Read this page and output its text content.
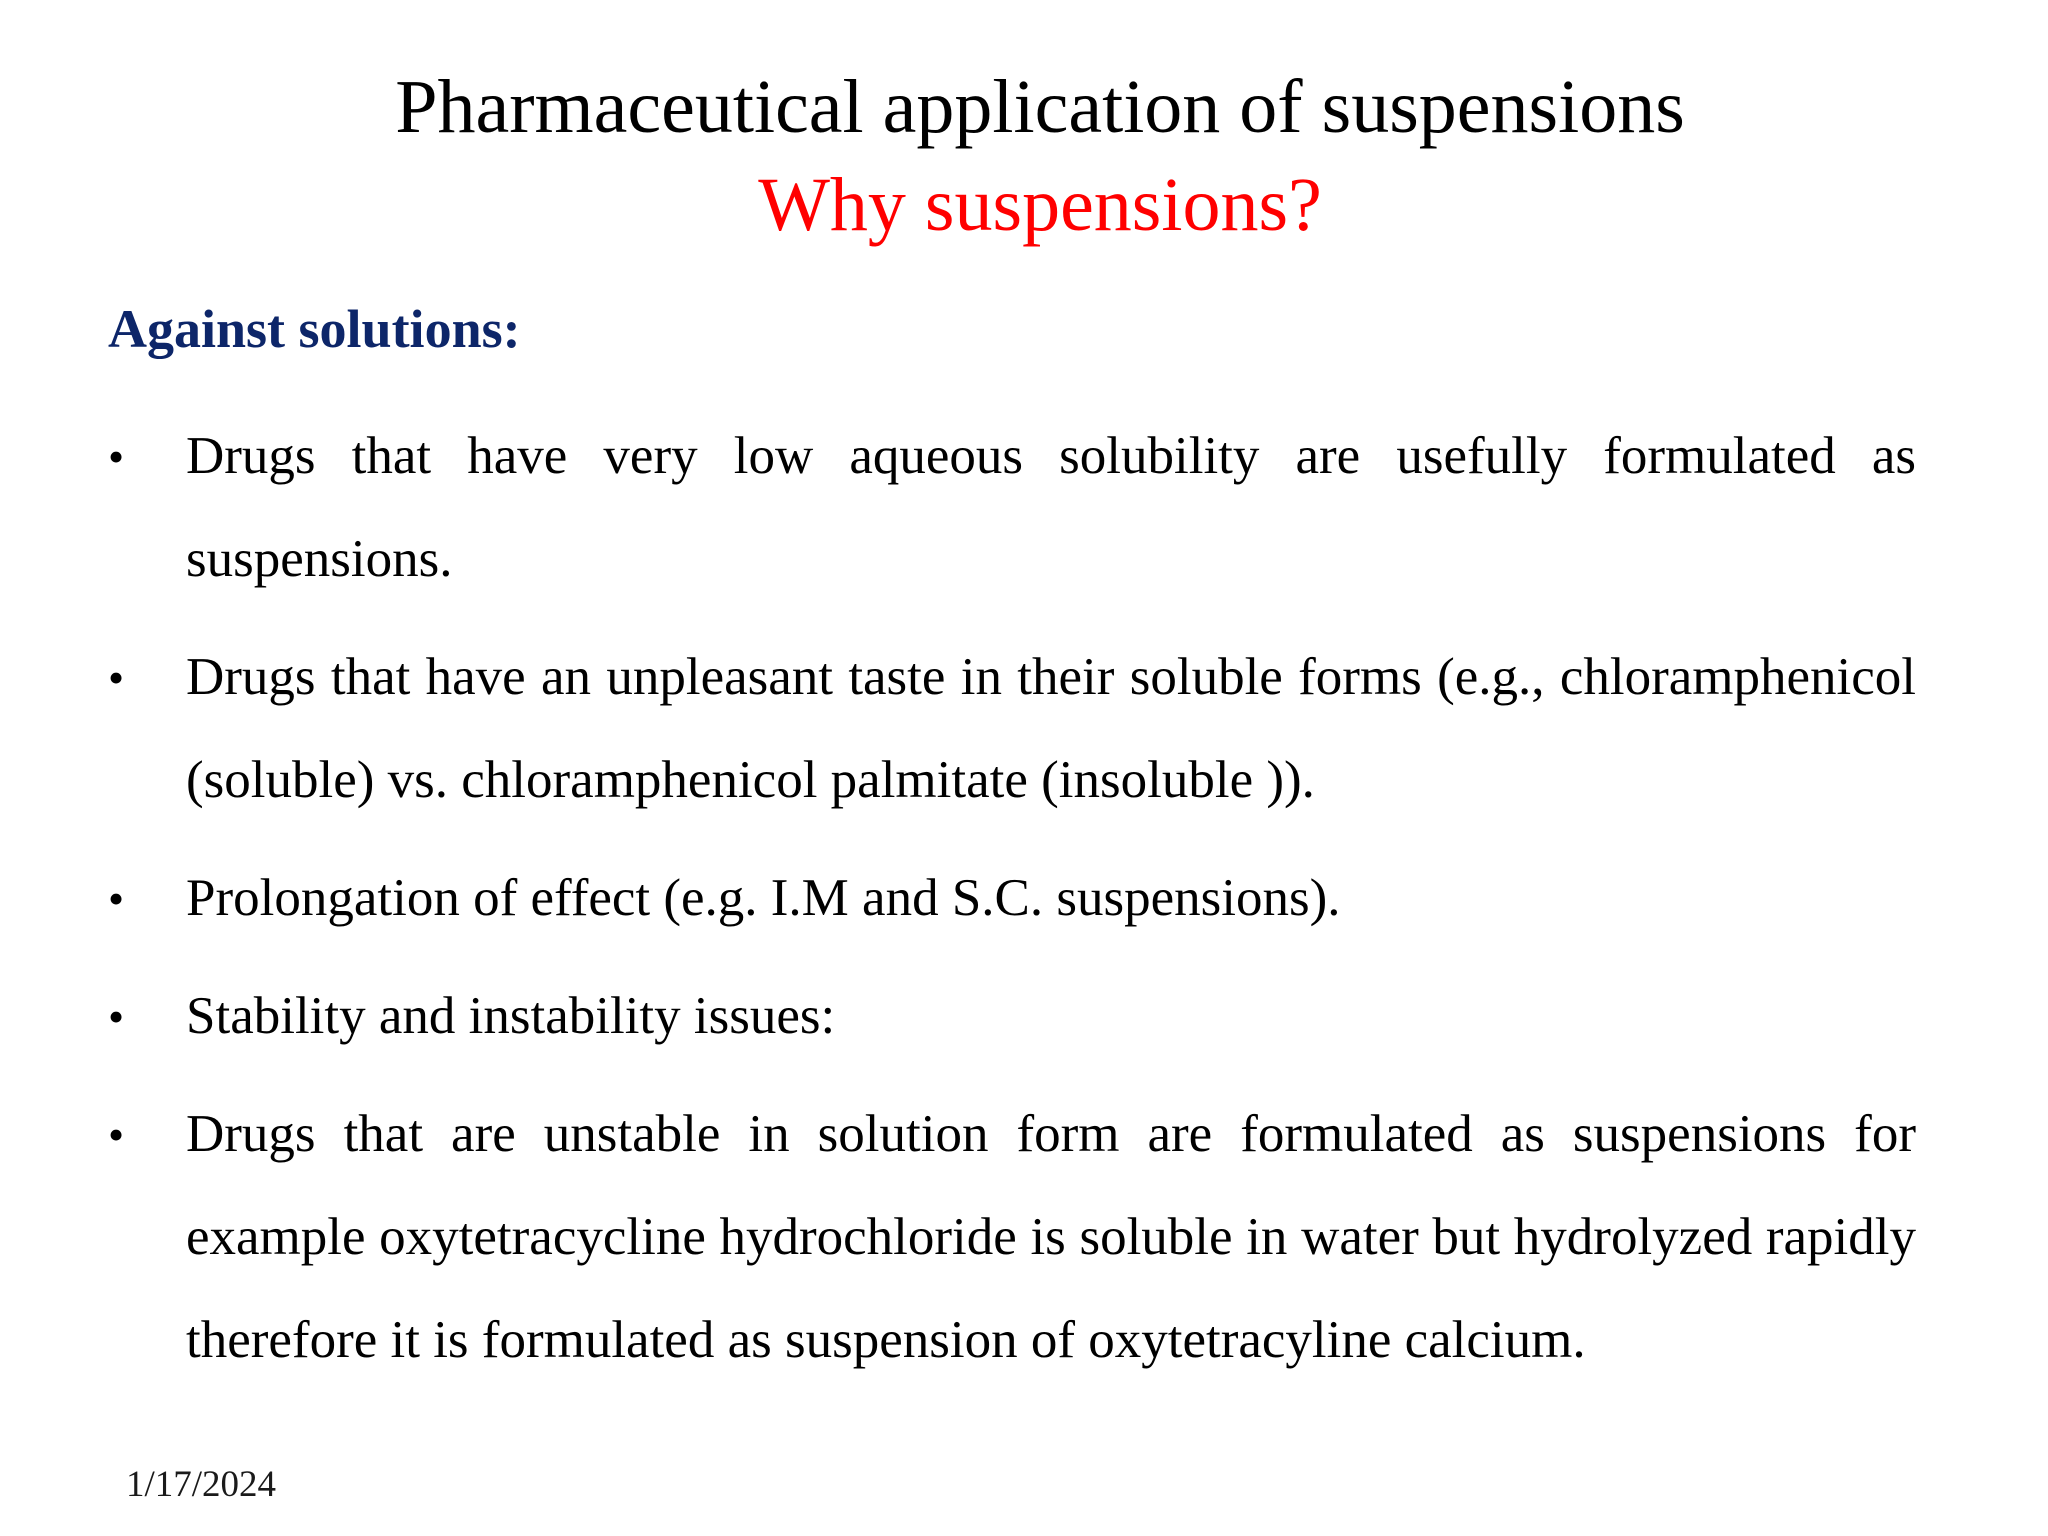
Pharmaceutical application of suspensions
Why suspensions?
Against solutions:
• Drugs that have very low aqueous solubility are usefully formulated as suspensions.
• Drugs that have an unpleasant taste in their soluble forms (e.g., chloramphenicol (soluble) vs. chloramphenicol palmitate (insoluble )).
• Prolongation of effect (e.g. I.M and S.C. suspensions).
• Stability and instability issues:
• Drugs that are unstable in solution form are formulated as suspensions for example oxytetracycline hydrochloride is soluble in water but hydrolyzed rapidly therefore it is formulated as suspension of oxytetracyline calcium.
1/17/2024
